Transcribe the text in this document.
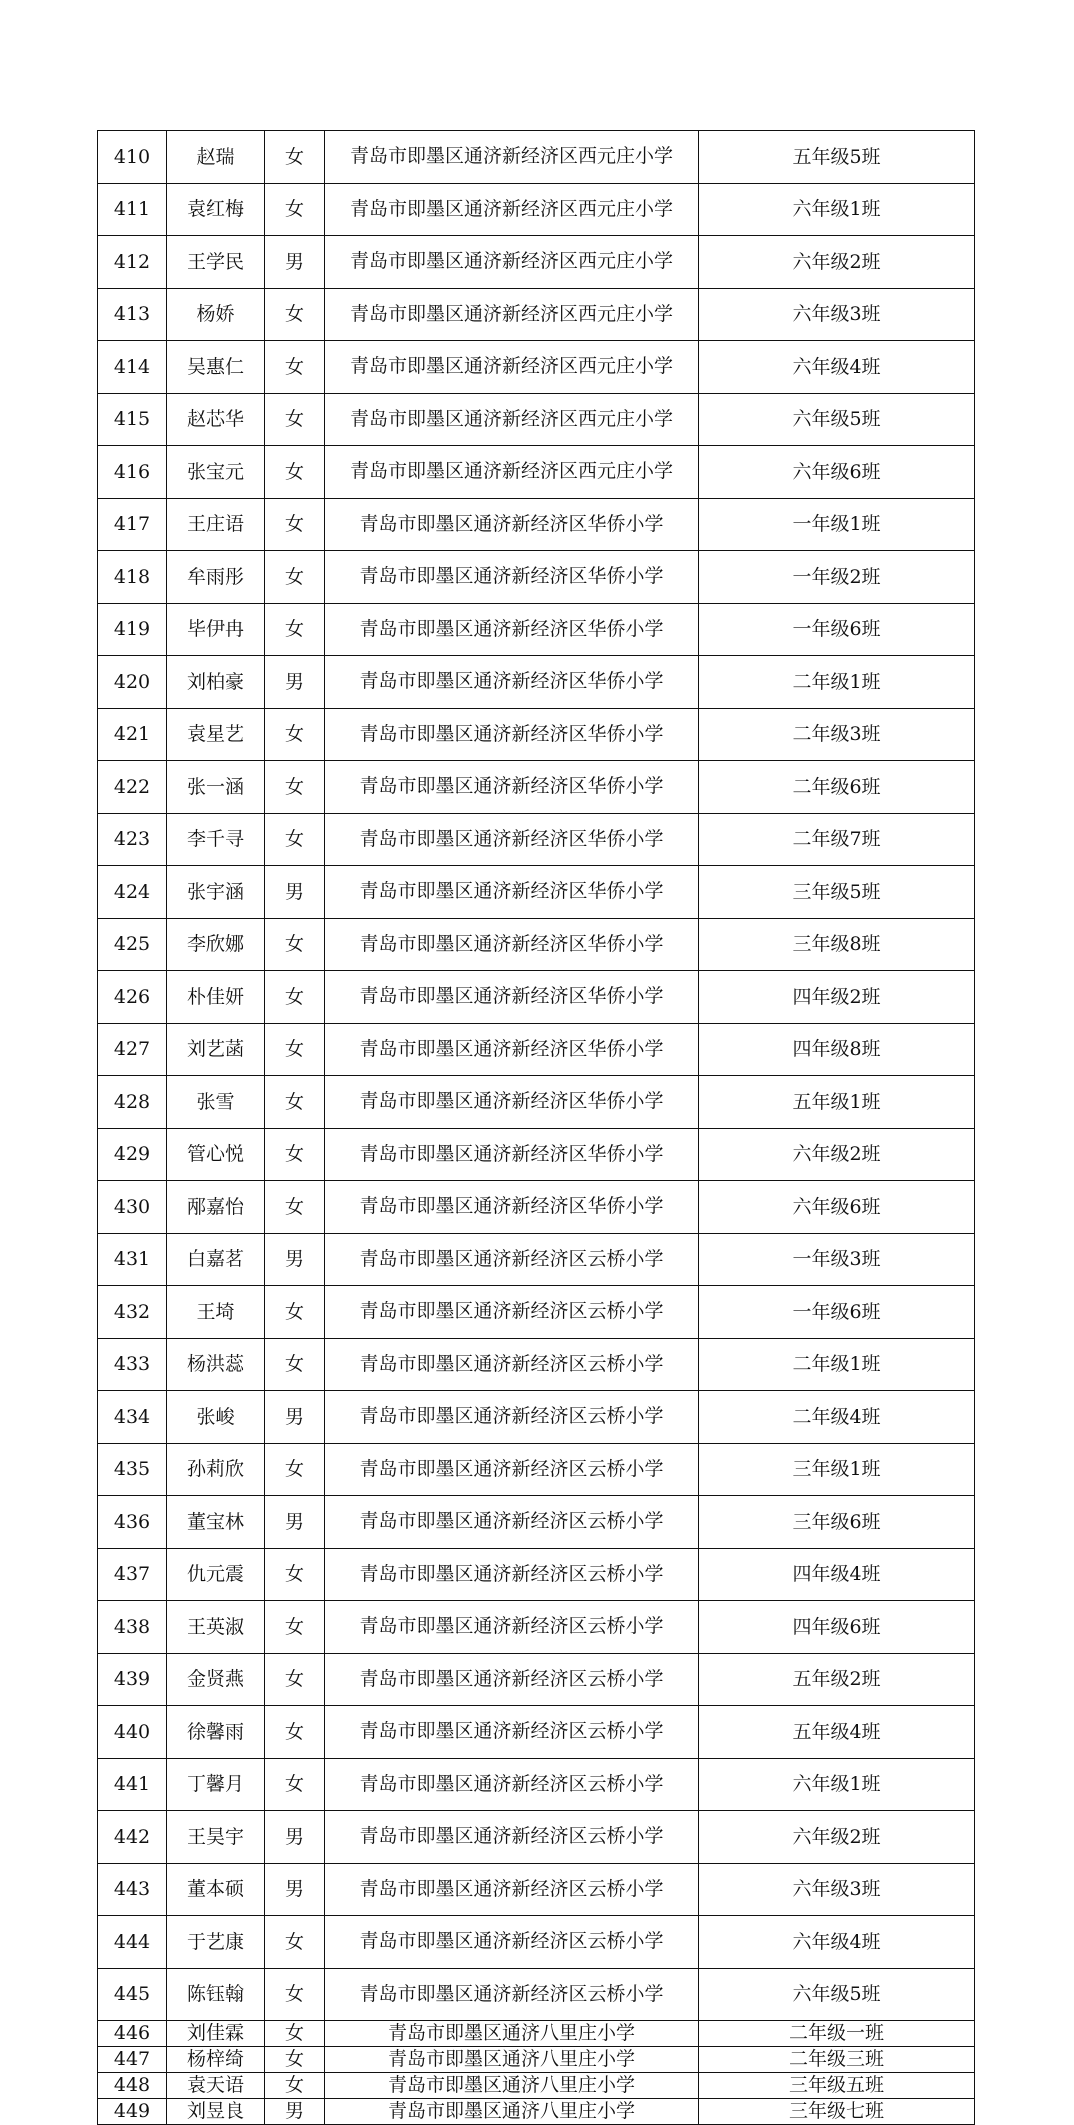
410	赵瑞	女	青岛市即墨区通济新经济区西元庄小学	五年级5班
411	袁红梅	女	青岛市即墨区通济新经济区西元庄小学	六年级1班
412	王学民	男	青岛市即墨区通济新经济区西元庄小学	六年级2班
413	杨娇	女	青岛市即墨区通济新经济区西元庄小学	六年级3班
414	吴惠仁	女	青岛市即墨区通济新经济区西元庄小学	六年级4班
415	赵芯华	女	青岛市即墨区通济新经济区西元庄小学	六年级5班
416	张宝元	女	青岛市即墨区通济新经济区西元庄小学	六年级6班
417	王庄语	女	青岛市即墨区通济新经济区华侨小学	一年级1班
418	牟雨彤	女	青岛市即墨区通济新经济区华侨小学	一年级2班
419	毕伊冉	女	青岛市即墨区通济新经济区华侨小学	一年级6班
420	刘柏豪	男	青岛市即墨区通济新经济区华侨小学	二年级1班
421	袁星艺	女	青岛市即墨区通济新经济区华侨小学	二年级3班
422	张一涵	女	青岛市即墨区通济新经济区华侨小学	二年级6班
423	李千寻	女	青岛市即墨区通济新经济区华侨小学	二年级7班
424	张宇涵	男	青岛市即墨区通济新经济区华侨小学	三年级5班
425	李欣娜	女	青岛市即墨区通济新经济区华侨小学	三年级8班
426	朴佳妍	女	青岛市即墨区通济新经济区华侨小学	四年级2班
427	刘艺菡	女	青岛市即墨区通济新经济区华侨小学	四年级8班
428	张雪	女	青岛市即墨区通济新经济区华侨小学	五年级1班
429	管心悦	女	青岛市即墨区通济新经济区华侨小学	六年级2班
430	邴嘉怡	女	青岛市即墨区通济新经济区华侨小学	六年级6班
431	白嘉茗	男	青岛市即墨区通济新经济区云桥小学	一年级3班
432	王埼	女	青岛市即墨区通济新经济区云桥小学	一年级6班
433	杨洪蕊	女	青岛市即墨区通济新经济区云桥小学	二年级1班
434	张峻	男	青岛市即墨区通济新经济区云桥小学	二年级4班
435	孙莉欣	女	青岛市即墨区通济新经济区云桥小学	三年级1班
436	董宝林	男	青岛市即墨区通济新经济区云桥小学	三年级6班
437	仇元震	女	青岛市即墨区通济新经济区云桥小学	四年级4班
438	王英淑	女	青岛市即墨区通济新经济区云桥小学	四年级6班
439	金贤燕	女	青岛市即墨区通济新经济区云桥小学	五年级2班
440	徐馨雨	女	青岛市即墨区通济新经济区云桥小学	五年级4班
441	丁馨月	女	青岛市即墨区通济新经济区云桥小学	六年级1班
442	王昊宇	男	青岛市即墨区通济新经济区云桥小学	六年级2班
443	董本硕	男	青岛市即墨区通济新经济区云桥小学	六年级3班
444	于艺康	女	青岛市即墨区通济新经济区云桥小学	六年级4班
445	陈钰翰	女	青岛市即墨区通济新经济区云桥小学	六年级5班
446	刘佳霖	女	青岛市即墨区通济八里庄小学	二年级一班
447	杨梓绮	女	青岛市即墨区通济八里庄小学	二年级三班
448	袁天语	女	青岛市即墨区通济八里庄小学	三年级五班
449	刘昱良	男	青岛市即墨区通济八里庄小学	三年级七班
